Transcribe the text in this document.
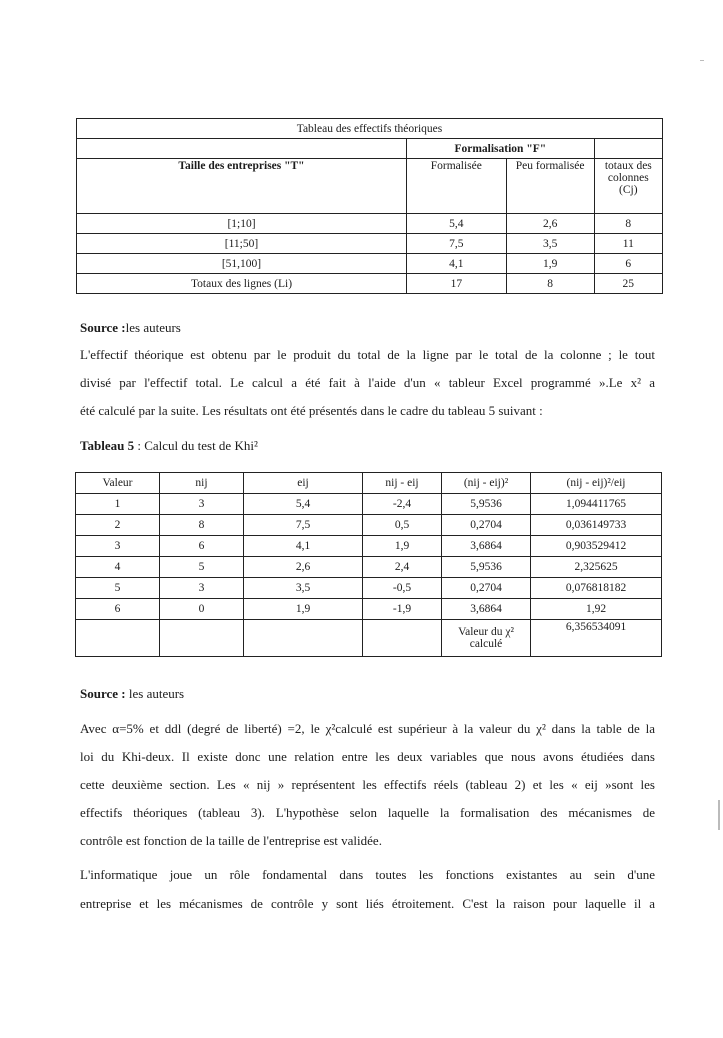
Tableau des effectifs théoriques			
	Formalisation "F"		
Taille des entreprises "T"	Formalisée	Peu formalisée	totaux des colonnes (Cj)
[1;10]	5,4	2,6	8
[11;50]	7,5	3,5	11
[51,100]	4,1	1,9	6
Totaux des lignes (Li)	17	8	25

Source :les auteurs

L'effectif théorique est obtenu par le produit du total de la ligne par le total de la colonne ; le tout

divisé par l'effectif total. Le calcul a été fait à l'aide d'un « tableur Excel programmé ».Le x² a

été calculé par la suite. Les résultats ont été présentés dans le cadre du tableau 5 suivant :

Tableau 5 : Calcul du test de Khi²

Valeur	nij	eij	nij - eij	(nij - eij)²	(nij - eij)²/eij
1	3	5,4	-2,4	5,9536	1,094411765
2	8	7,5	0,5	0,2704	0,036149733
3	6	4,1	1,9	3,6864	0,903529412
4	5	2,6	2,4	5,9536	2,325625
5	3	3,5	-0,5	0,2704	0,076818182
6	0	1,9	-1,9	3,6864	1,92
				Valeur du χ² calculé	6,356534091

Source : les auteurs

Avec α=5% et ddl (degré de liberté) =2, le χ²calculé est supérieur à la valeur du χ² dans la table de la

loi du Khi-deux. Il existe donc une relation entre les deux variables que nous avons étudiées dans

cette deuxième section. Les « nij » représentent les effectifs réels (tableau 2) et les « eij »sont les

effectifs théoriques (tableau 3). L'hypothèse selon laquelle la formalisation des mécanismes de

contrôle est fonction de la taille de l'entreprise est validée.

L'informatique joue un rôle fondamental dans toutes les fonctions existantes au sein d'une

entreprise et les mécanismes de contrôle y sont liés étroitement. C'est la raison pour laquelle il a
